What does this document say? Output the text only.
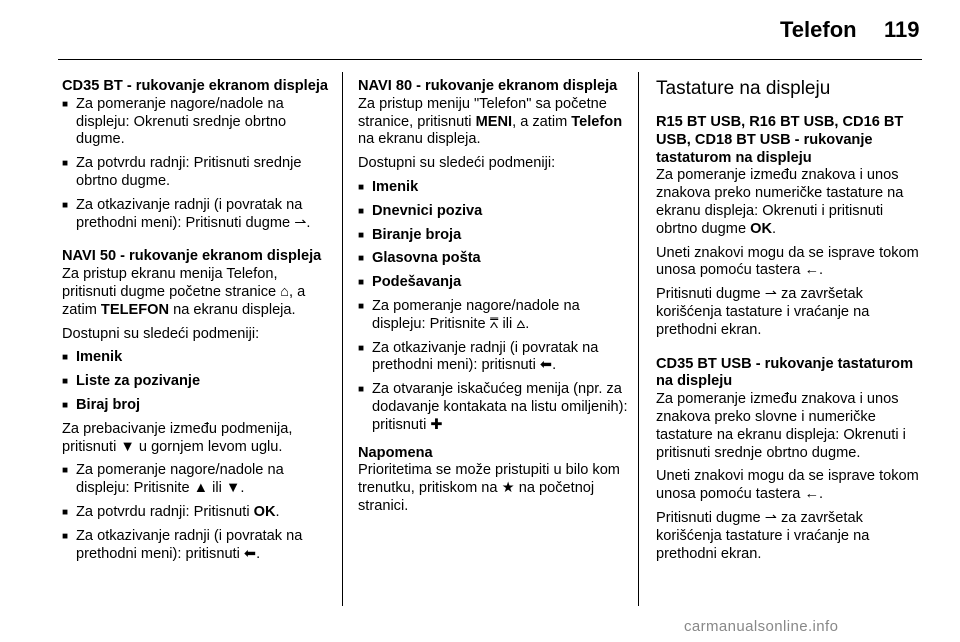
Telefon 119

CD35 BT - rukovanje ekranom displeja

■ Za pomeranje nagore/nadole na displeju: Okrenuti srednje obrtno dugme.
■ Za potvrdu radnji: Pritisnuti srednje obrtno dugme.
■ Za otkazivanje radnji (i povratak na prethodni meni): Pritisnuti dugme ⇀.

NAVI 50 - rukovanje ekranom displeja

Za pristup ekranu menija Telefon, pritisnuti dugme početne stranice ⌂, a zatim TELEFON na ekranu displeja.

Dostupni su sledeći podmeniji:

■ Imenik
■ Liste za pozivanje
■ Biraj broj

Za prebacivanje između podmenija, pritisnuti ▼ u gornjem levom uglu.

■ Za pomeranje nagore/nadole na displeju: Pritisnite ▲ ili ▼.
■ Za potvrdu radnji: Pritisnuti OK.
■ Za otkazivanje radnji (i povratak na prethodni meni): pritisnuti ⬅.

NAVI 80 - rukovanje ekranom displeja

Za pristup meniju "Telefon" sa početne stranice, pritisnuti MENI, a zatim Telefon na ekranu displeja.

Dostupni su sledeći podmeniji:

■ Imenik
■ Dnevnici poziva
■ Biranje broja
■ Glasovna pošta
■ Podešavanja
■ Za pomeranje nagore/nadole na displeju: Pritisnite ⩞ ili ⩟.
■ Za otkazivanje radnji (i povratak na prethodni meni): pritisnuti ⬅.
■ Za otvaranje iskačućeg menija (npr. za dodavanje kontakata na listu omiljenih): pritisnuti ✚

Napomena

Prioritetima se može pristupiti u bilo kom trenutku, pritiskom na ★ na početnoj stranici.

Tastature na displeju

R15 BT USB, R16 BT USB, CD16 BT USB, CD18 BT USB - rukovanje tastaturom na displeju

Za pomeranje između znakova i unos znakova preko numeričke tastature na ekranu displeja: Okrenuti i pritisnuti obrtno dugme OK.

Uneti znakovi mogu da se isprave tokom unosa pomoću tastera ←.

Pritisnuti dugme ⇀ za završetak korišćenja tastature i vraćanje na prethodni ekran.

CD35 BT USB - rukovanje tastaturom na displeju

Za pomeranje između znakova i unos znakova preko slovne i numeričke tastature na ekranu displeja: Okrenuti i pritisnuti srednje obrtno dugme.

Uneti znakovi mogu da se isprave tokom unosa pomoću tastera ←.

Pritisnuti dugme ⇀ za završetak korišćenja tastature i vraćanje na prethodni ekran.

carmanualsonline.info
